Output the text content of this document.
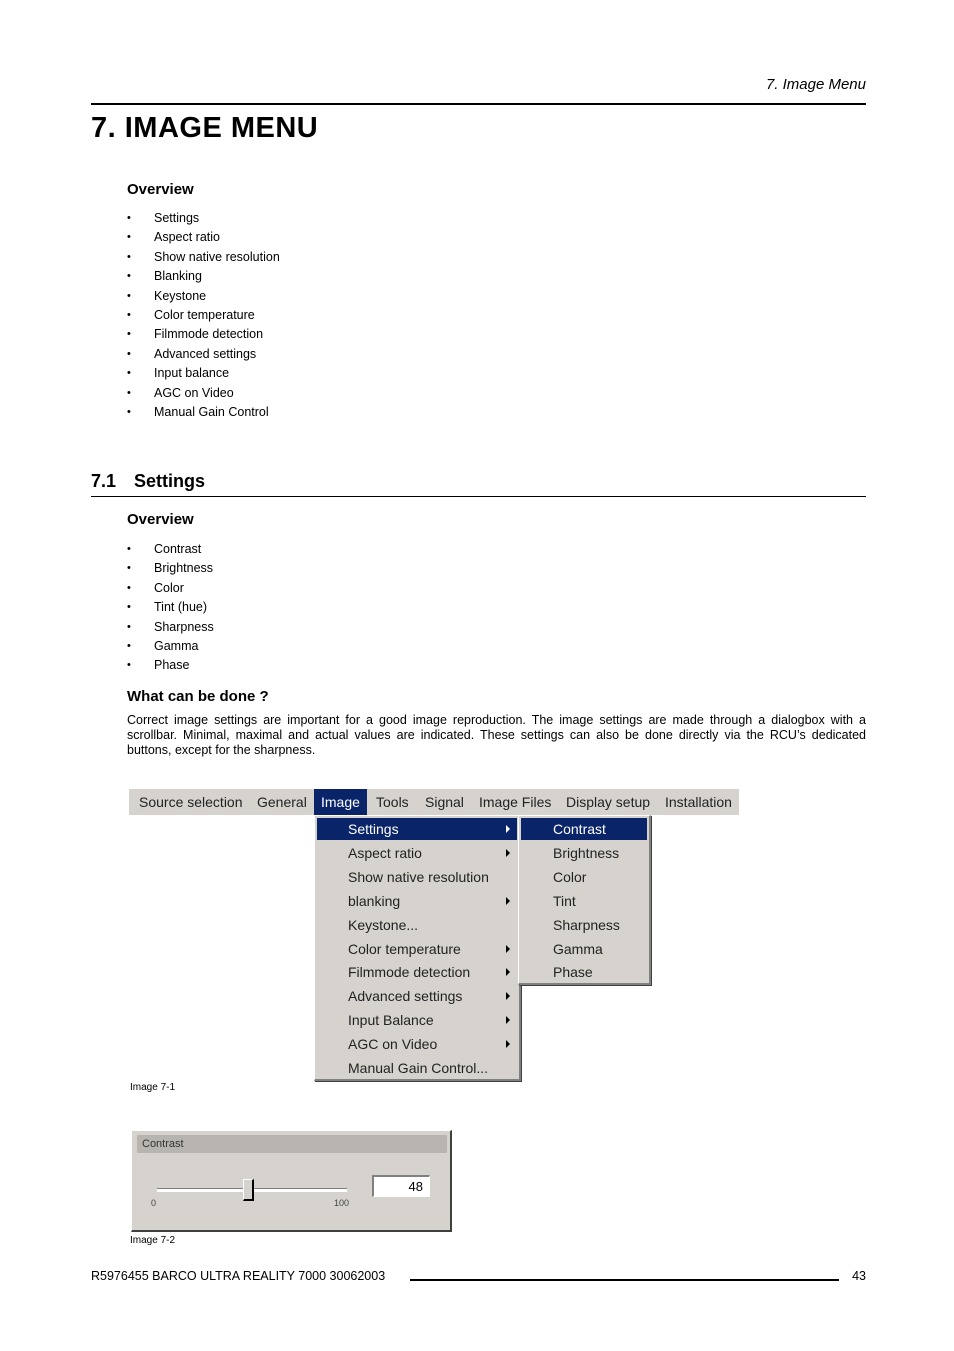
7. Image Menu
7. IMAGE MENU
Overview
• Settings
• Aspect ratio
• Show native resolution
• Blanking
• Keystone
• Color temperature
• Filmmode detection
• Advanced settings
• Input balance
• AGC on Video
• Manual Gain Control
7.1 Settings
Overview
• Contrast
• Brightness
• Color
• Tint (hue)
• Sharpness
• Gamma
• Phase
What can be done ?
Correct image settings are important for a good image reproduction. The image settings are made through a dialogbox with a scrollbar. Minimal, maximal and actual values are indicated. These settings can also be done directly via the RCU’s dedicated buttons, except for the sharpness.
Source selection	General	Image	Tools	Signal	Image Files	Display setup	Installation
Settings
Aspect ratio
Show native resolution
blanking
Keystone...
Color temperature
Filmmode detection
Advanced settings
Input Balance
AGC on Video
Manual Gain Control...
Contrast
Brightness
Color
Tint
Sharpness
Gamma
Phase
Image 7-1
Contrast
0	100
48
Image 7-2
R5976455 BARCO ULTRA REALITY 7000 30062003	43
